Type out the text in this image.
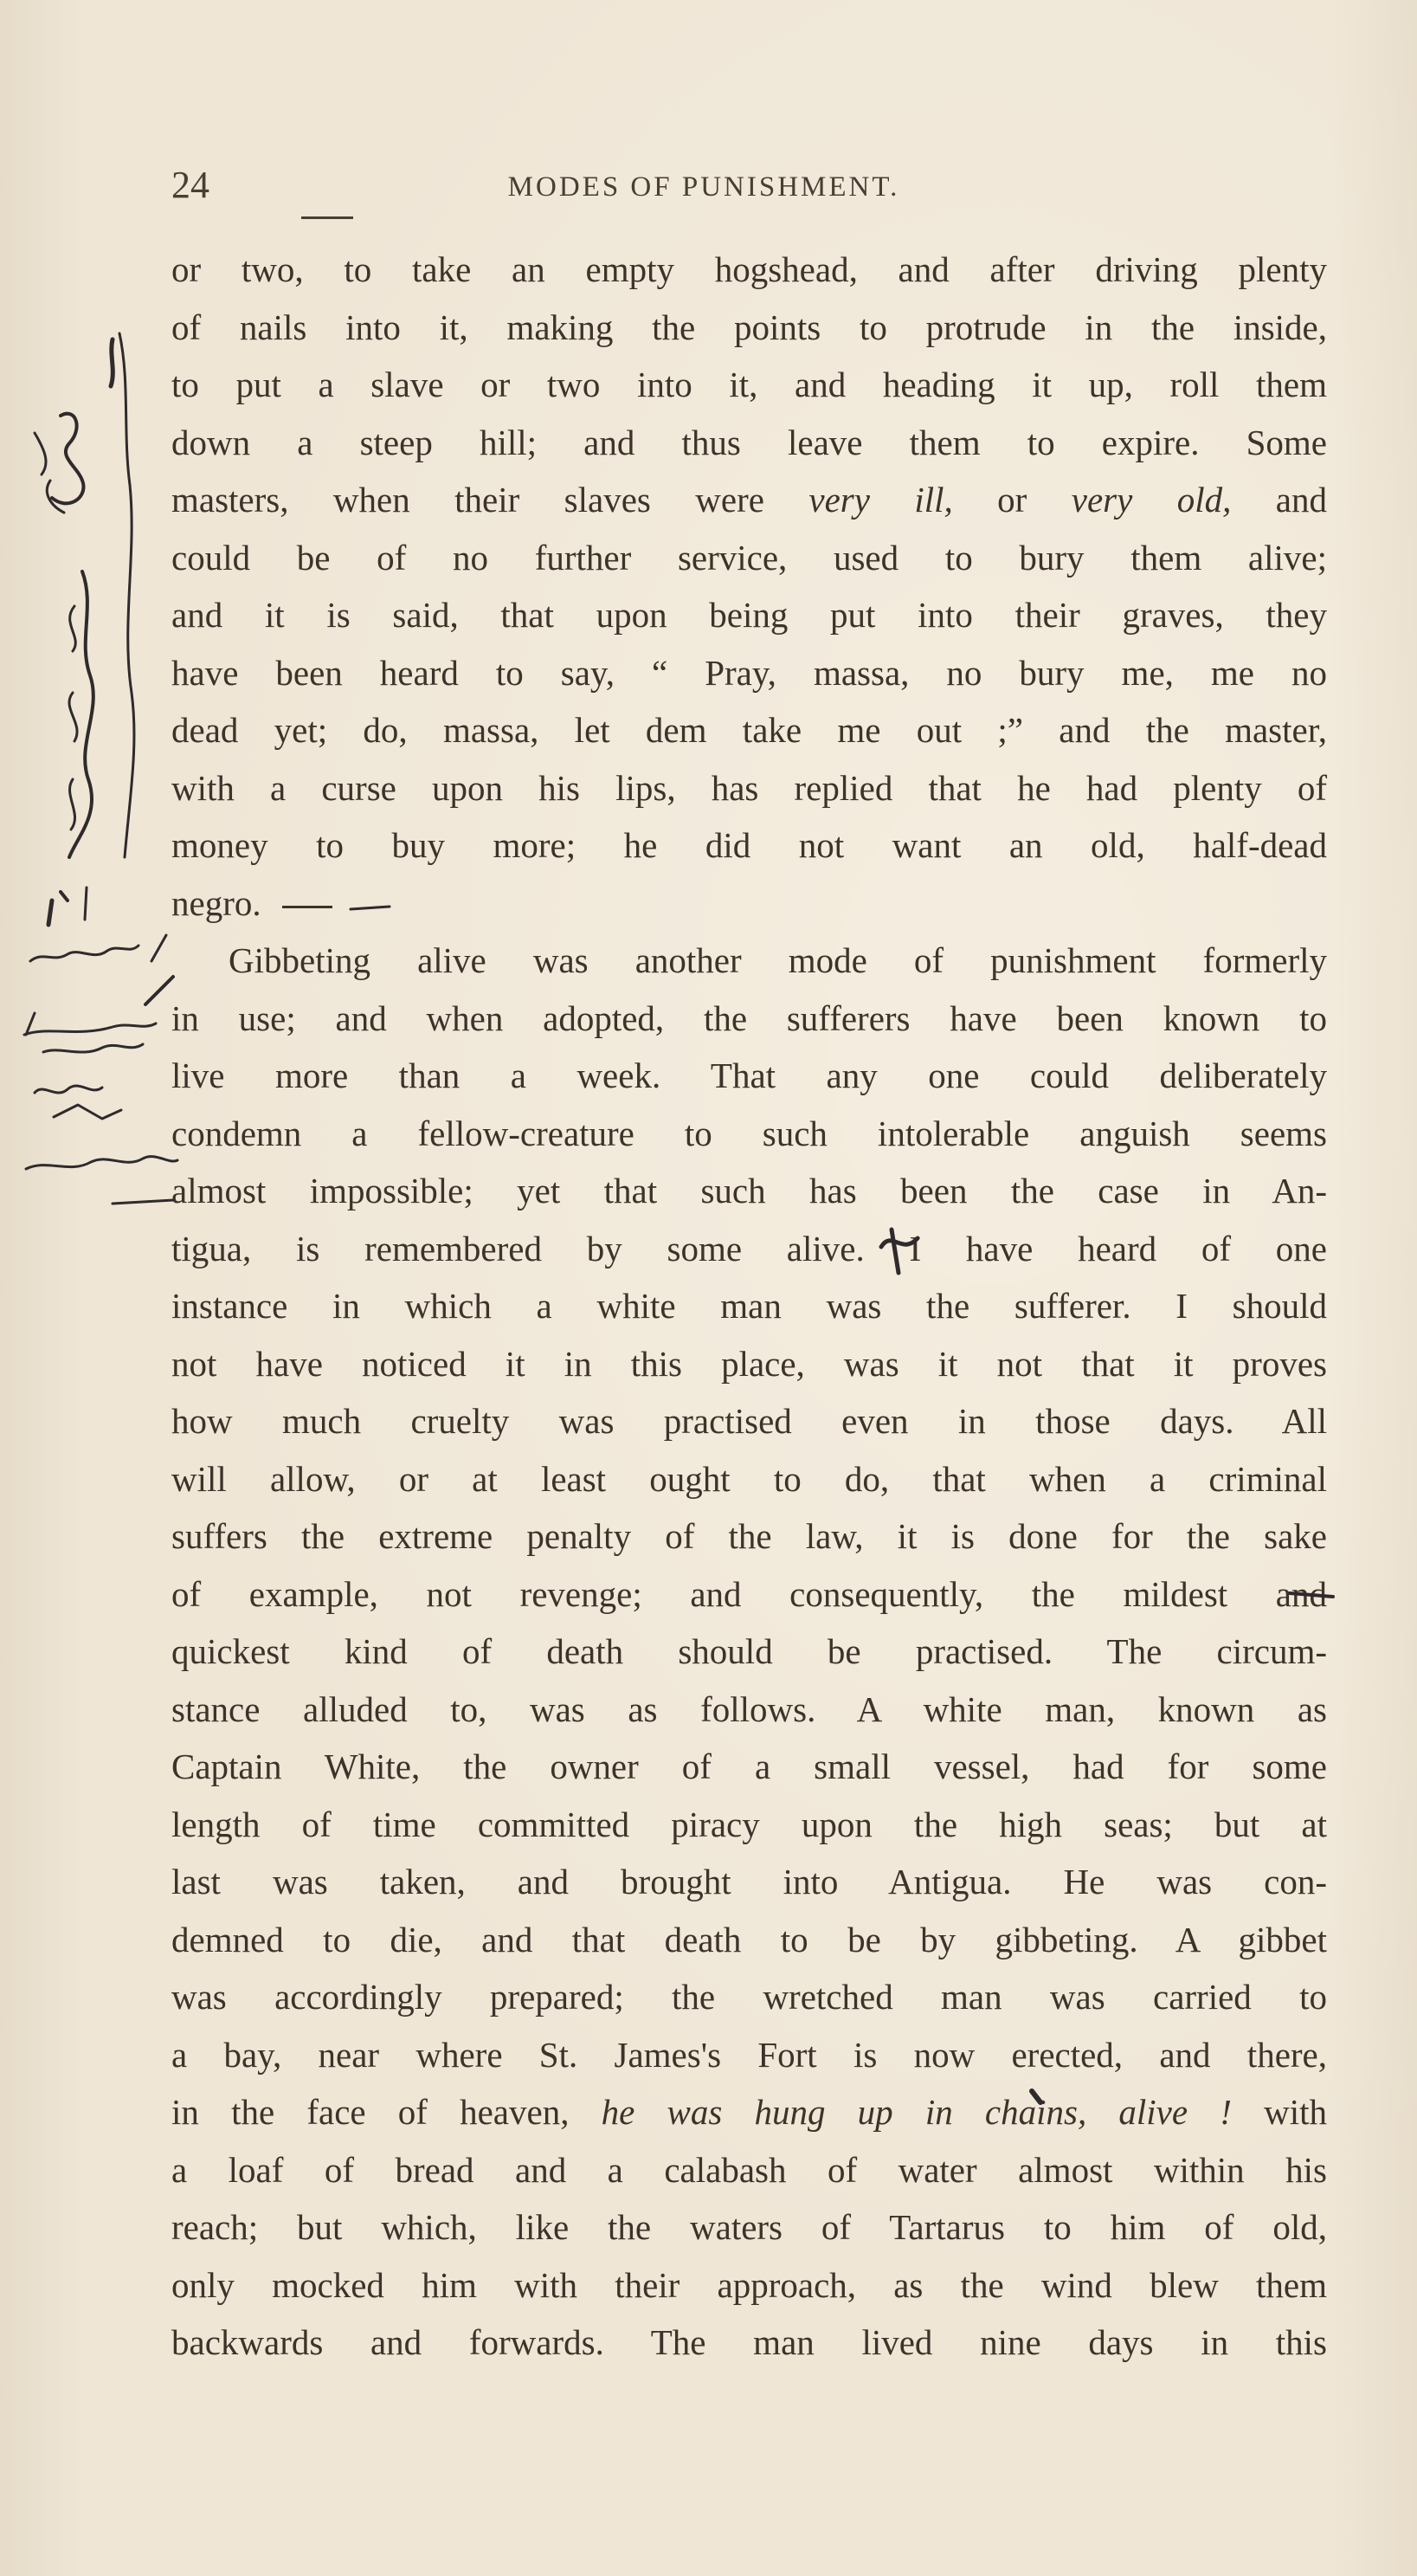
24	MODES OF PUNISHMENT.
or two, to take an empty hogshead, and after driving plenty
of nails into it, making the points to protrude in the inside,
to put a slave or two into it, and heading it up, roll them
down a steep hill; and thus leave them to expire. Some
masters, when their slaves were very ill, or very old, and
could be of no further service, used to bury them alive;
and it is said, that upon being put into their graves, they
have been heard to say, “ Pray, massa, no bury me, me no
dead yet; do, massa, let dem take me out ;” and the master,
with a curse upon his lips, has replied that he had plenty of
money to buy more; he did not want an old, half-dead
negro.
Gibbeting alive was another mode of punishment formerly
in use; and when adopted, the sufferers have been known to
live more than a week. That any one could deliberately
condemn a fellow-creature to such intolerable anguish seems
almost impossible; yet that such has been the case in An-
tigua, is remembered by some alive. I have heard of one
instance in which a white man was the sufferer. I should
not have noticed it in this place, was it not that it proves
how much cruelty was practised even in those days. All
will allow, or at least ought to do, that when a criminal
suffers the extreme penalty of the law, it is done for the sake
of example, not revenge; and consequently, the mildest and
quickest kind of death should be practised. The circum-
stance alluded to, was as follows. A white man, known as
Captain White, the owner of a small vessel, had for some
length of time committed piracy upon the high seas; but at
last was taken, and brought into Antigua. He was con-
demned to die, and that death to be by gibbeting. A gibbet
was accordingly prepared; the wretched man was carried to
a bay, near where St. James's Fort is now erected, and there,
in the face of heaven, he was hung up in chains, alive ! with
a loaf of bread and a calabash of water almost within his
reach; but which, like the waters of Tartarus to him of old,
only mocked him with their approach, as the wind blew them
backwards and forwards. The man lived nine days in this
